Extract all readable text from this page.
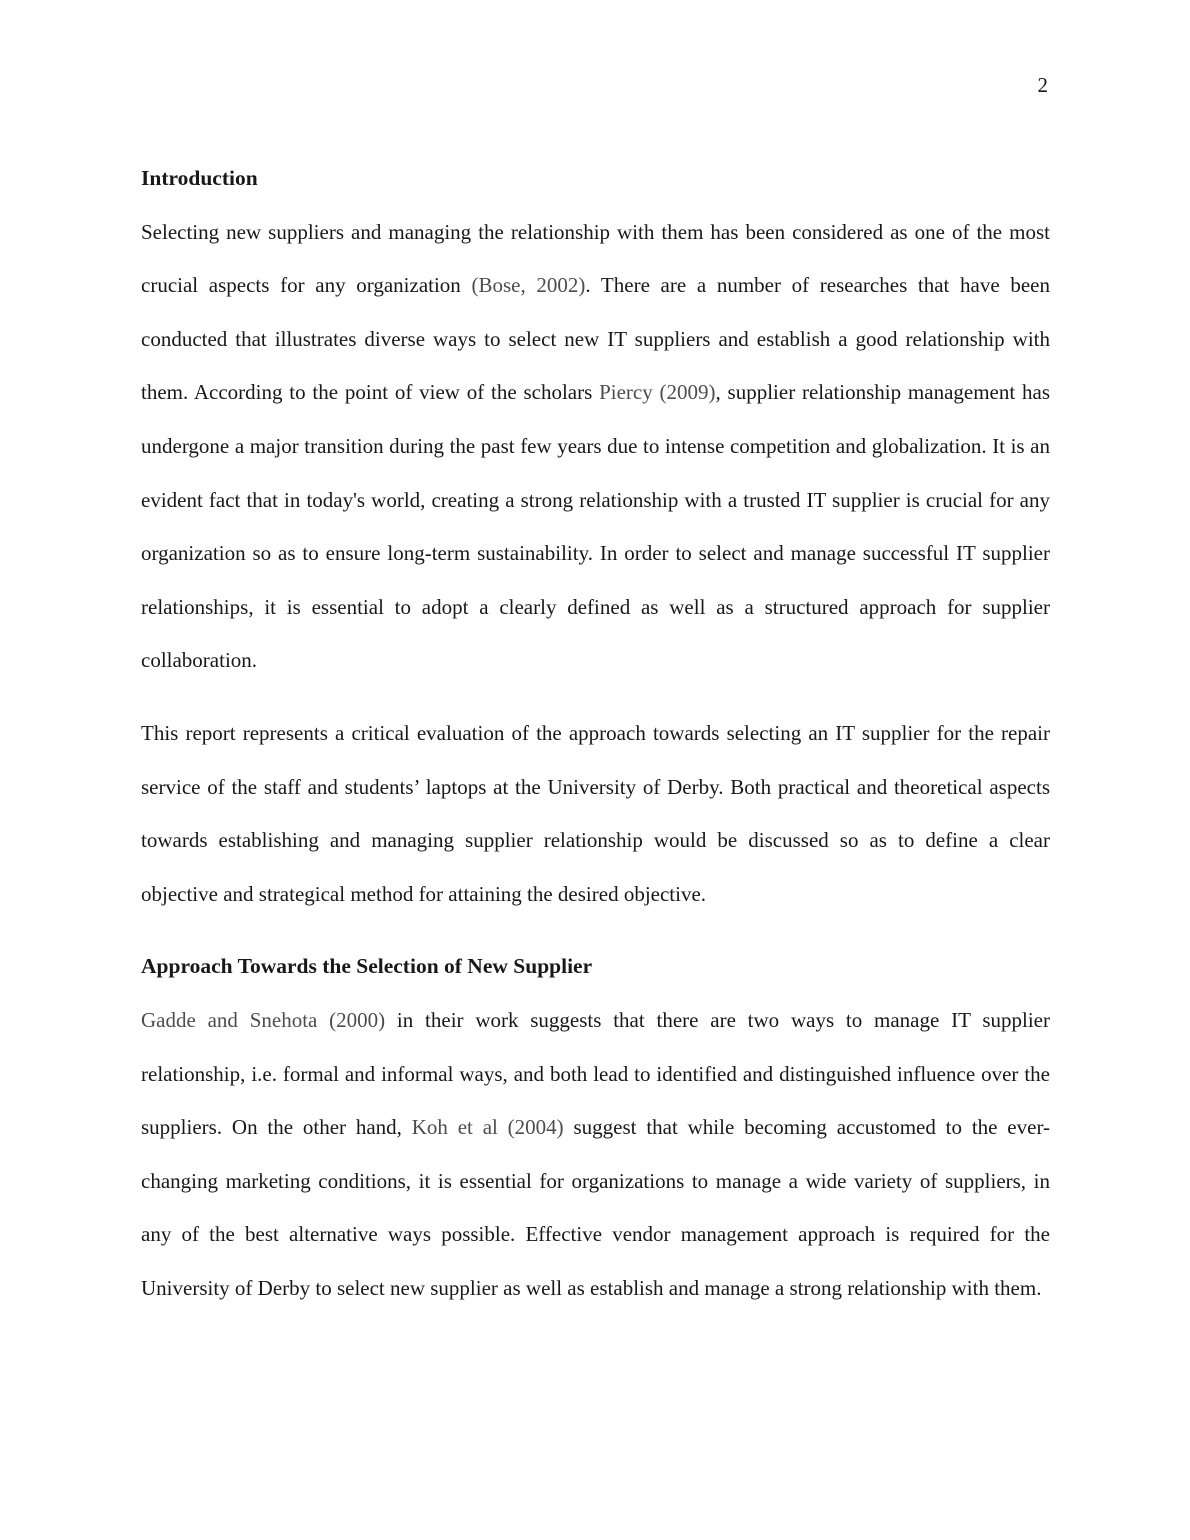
2
Introduction

Selecting new suppliers and managing the relationship with them has been considered as one of the most crucial aspects for any organization (Bose, 2002). There are a number of researches that have been conducted that illustrates diverse ways to select new IT suppliers and establish a good relationship with them. According to the point of view of the scholars Piercy (2009), supplier relationship management has undergone a major transition during the past few years due to intense competition and globalization. It is an evident fact that in today's world, creating a strong relationship with a trusted IT supplier is crucial for any organization so as to ensure long-term sustainability. In order to select and manage successful IT supplier relationships, it is essential to adopt a clearly defined as well as a structured approach for supplier collaboration.

This report represents a critical evaluation of the approach towards selecting an IT supplier for the repair service of the staff and students’ laptops at the University of Derby. Both practical and theoretical aspects towards establishing and managing supplier relationship would be discussed so as to define a clear objective and strategical method for attaining the desired objective.

Approach Towards the Selection of New Supplier

Gadde and Snehota (2000) in their work suggests that there are two ways to manage IT supplier relationship, i.e. formal and informal ways, and both lead to identified and distinguished influence over the suppliers. On the other hand, Koh et al (2004) suggest that while becoming accustomed to the ever-changing marketing conditions, it is essential for organizations to manage a wide variety of suppliers, in any of the best alternative ways possible. Effective vendor management approach is required for the University of Derby to select new supplier as well as establish and manage a strong relationship with them.
